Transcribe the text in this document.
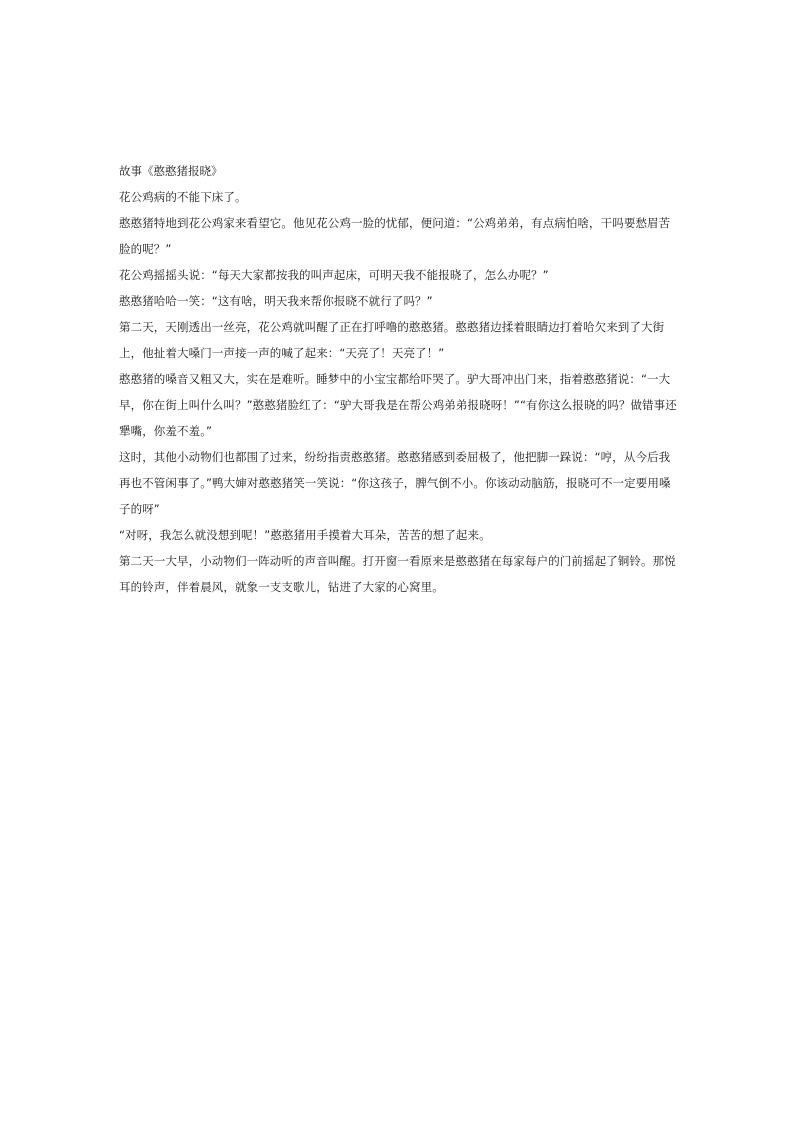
故事《憨憨猪报晓》

花公鸡病的不能下床了。

憨憨猪特地到花公鸡家来看望它。他见花公鸡一脸的忧郁，便问道：“公鸡弟弟，有点病怕啥，干吗要愁眉苦脸的呢？”

花公鸡摇摇头说：“每天大家都按我的叫声起床，可明天我不能报晓了，怎么办呢？”

憨憨猪哈哈一笑：“这有啥，明天我来帮你报晓不就行了吗？”

第二天，天刚透出一丝亮，花公鸡就叫醒了正在打呼噜的憨憨猪。憨憨猪边揉着眼睛边打着哈欠来到了大街上，他扯着大嗓门一声接一声的喊了起来：“天亮了！天亮了！”

憨憨猪的嗓音又粗又大，实在是难听。睡梦中的小宝宝都给吓哭了。驴大哥冲出门来，指着憨憨猪说：“一大早，你在街上叫什么叫？”憨憨猪脸红了：“驴大哥我是在帮公鸡弟弟报晓呀！”“有你这么报晓的吗？做错事还犟嘴，你羞不羞。”

这时，其他小动物们也都围了过来，纷纷指责憨憨猪。憨憨猪感到委屈极了，他把脚一跺说：“哼，从今后我再也不管闲事了。”鸭大婶对憨憨猪笑一笑说：“你这孩子，脾气倒不小。你该动动脑筋，报晓可不一定要用嗓子的呀”

“对呀，我怎么就没想到呢！”憨憨猪用手摸着大耳朵，苦苦的想了起来。

第二天一大早，小动物们一阵动听的声音叫醒。打开窗一看原来是憨憨猪在每家每户的门前摇起了铜铃。那悦耳的铃声，伴着晨风，就象一支支歌儿，钻进了大家的心窝里。
